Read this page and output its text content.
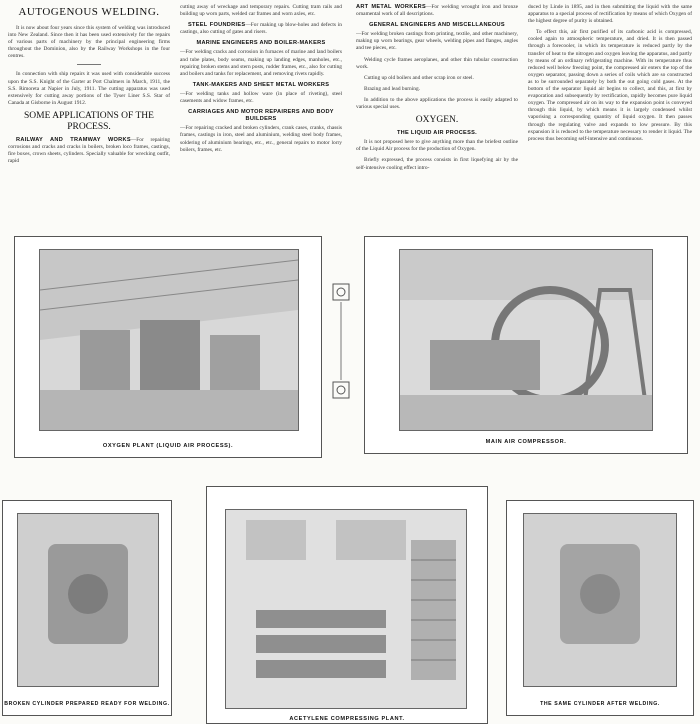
AUTOGENOUS WELDING.

It is now about four years since this system of welding was introduced into New Zealand. Since then it has been used extensively for the repairs of various parts of machinery by the principal engineering firms throughout the Dominion, also by the Railway Workshops in the four centres.

In connection with ship repairs it was used with considerable success upon the S.S. Knight of the Garter at Port Chalmers in March, 1911, the S.S. Rimoreta at Napier in July, 1911. The cutting apparatus was used extensively for cutting away portions of the Tyser Liner S.S. Star of Canada at Gisborne in August 1912.

SOME APPLICATIONS OF THE PROCESS.

RAILWAY AND TRAMWAY WORKS—For repairing corrosions and cracks and cracks in boilers, broken loco frames, castings, fire boxes, crown sheets, cylinders. Specially valuable for wrecking outfit, rapid

cutting away of wreckage and temporary repairs. Cutting tram rails and building up worn parts, welded car frames and worn axles, etc.

STEEL FOUNDRIES—For making up blow-holes and defects in castings, also cutting of gates and risers.

MARINE ENGINEERS AND BOILER-MAKERS

—For welding cracks and corrosion in furnaces of marine and land boilers and tube plates, body seams, making up landing edges, manholes, etc., repairing broken stems and stern posts, rudder frames, etc., also for cutting and boilers and tanks for replacement, and removing rivets rapidly.

TANK-MAKERS AND SHEET METAL WORKERS

—For welding tanks and hollow ware (in place of riveting), steel casements and widow frames, etc.

CARRIAGES AND MOTOR REPAIRERS AND BODY BUILDERS

—For repairing cracked and broken cylinders, crank cases, cranks, chassis frames, castings in iron, steel and aluminium, welding steel body frames, soldering of aluminium bearings, etc., etc., general repairs to motor lorry boilers, frames, etc.

ART METAL WORKERS—For welding wrought iron and bronze ornamental work of all descriptions.

GENERAL ENGINEERS AND MISCELLANEOUS

—For welding broken castings from printing, textile, and other machinery, making up worn bearings, gear wheels, welding pipes and flanges, angles and tee pieces, etc.

Welding cycle frames aeroplanes, and other thin tubular construction work.

Cutting up old boilers and other scrap iron or steel.

Brazing and lead burning.

In addition to the above applications the process is easily adapted to various special uses.

OXYGEN.
THE LIQUID AIR PROCESS.

It is not proposed here to give anything more than the briefest outline of the Liquid Air process for the production of Oxygen.

Briefly expressed, the process consists in first liquefying air by the self-intensive cooling effect intro-

duced by Linde in 1895, and in then submitting the liquid with the same apparatus to a special process of rectification by means of which Oxygen of the highest degree of purity is obtained.

To effect this, air first purified of its carbonic acid is compressed, cooled again to atmospheric temperature, and dried. It is then passed through a forecooler, in which its temperature is reduced partly by the transfer of heat to the nitrogen and oxygen leaving the apparatus, and partly by means of an ordinary refrigerating machine. With its temperature thus reduced well below freezing point, the compressed air enters the top of the oxygen separator, passing down a series of coils which are so constructed as to be surrounded separately by both the out going cold gases. At the bottom of the separator liquid air begins to collect, and this, at first by evaporation and subsequently by rectification, rapidly becomes pure liquid oxygen. The compressed air on its way to the expansion point is conveyed through this liquid, by which means it is largely condensed whilst vaporising a corresponding quantity of liquid oxygen. It then passes through the regulating valve and expands to low pressure. By this expansion it is reduced to the temperature necessary to render it liquid. The process thus becoming self-intensive and continuous.

OXYGEN PLANT (LIQUID AIR PROCESS).
MAIN AIR COMPRESSOR.
BROKEN CYLINDER PREPARED READY FOR WELDING.
ACETYLENE COMPRESSING PLANT.
THE SAME CYLINDER AFTER WELDING.
